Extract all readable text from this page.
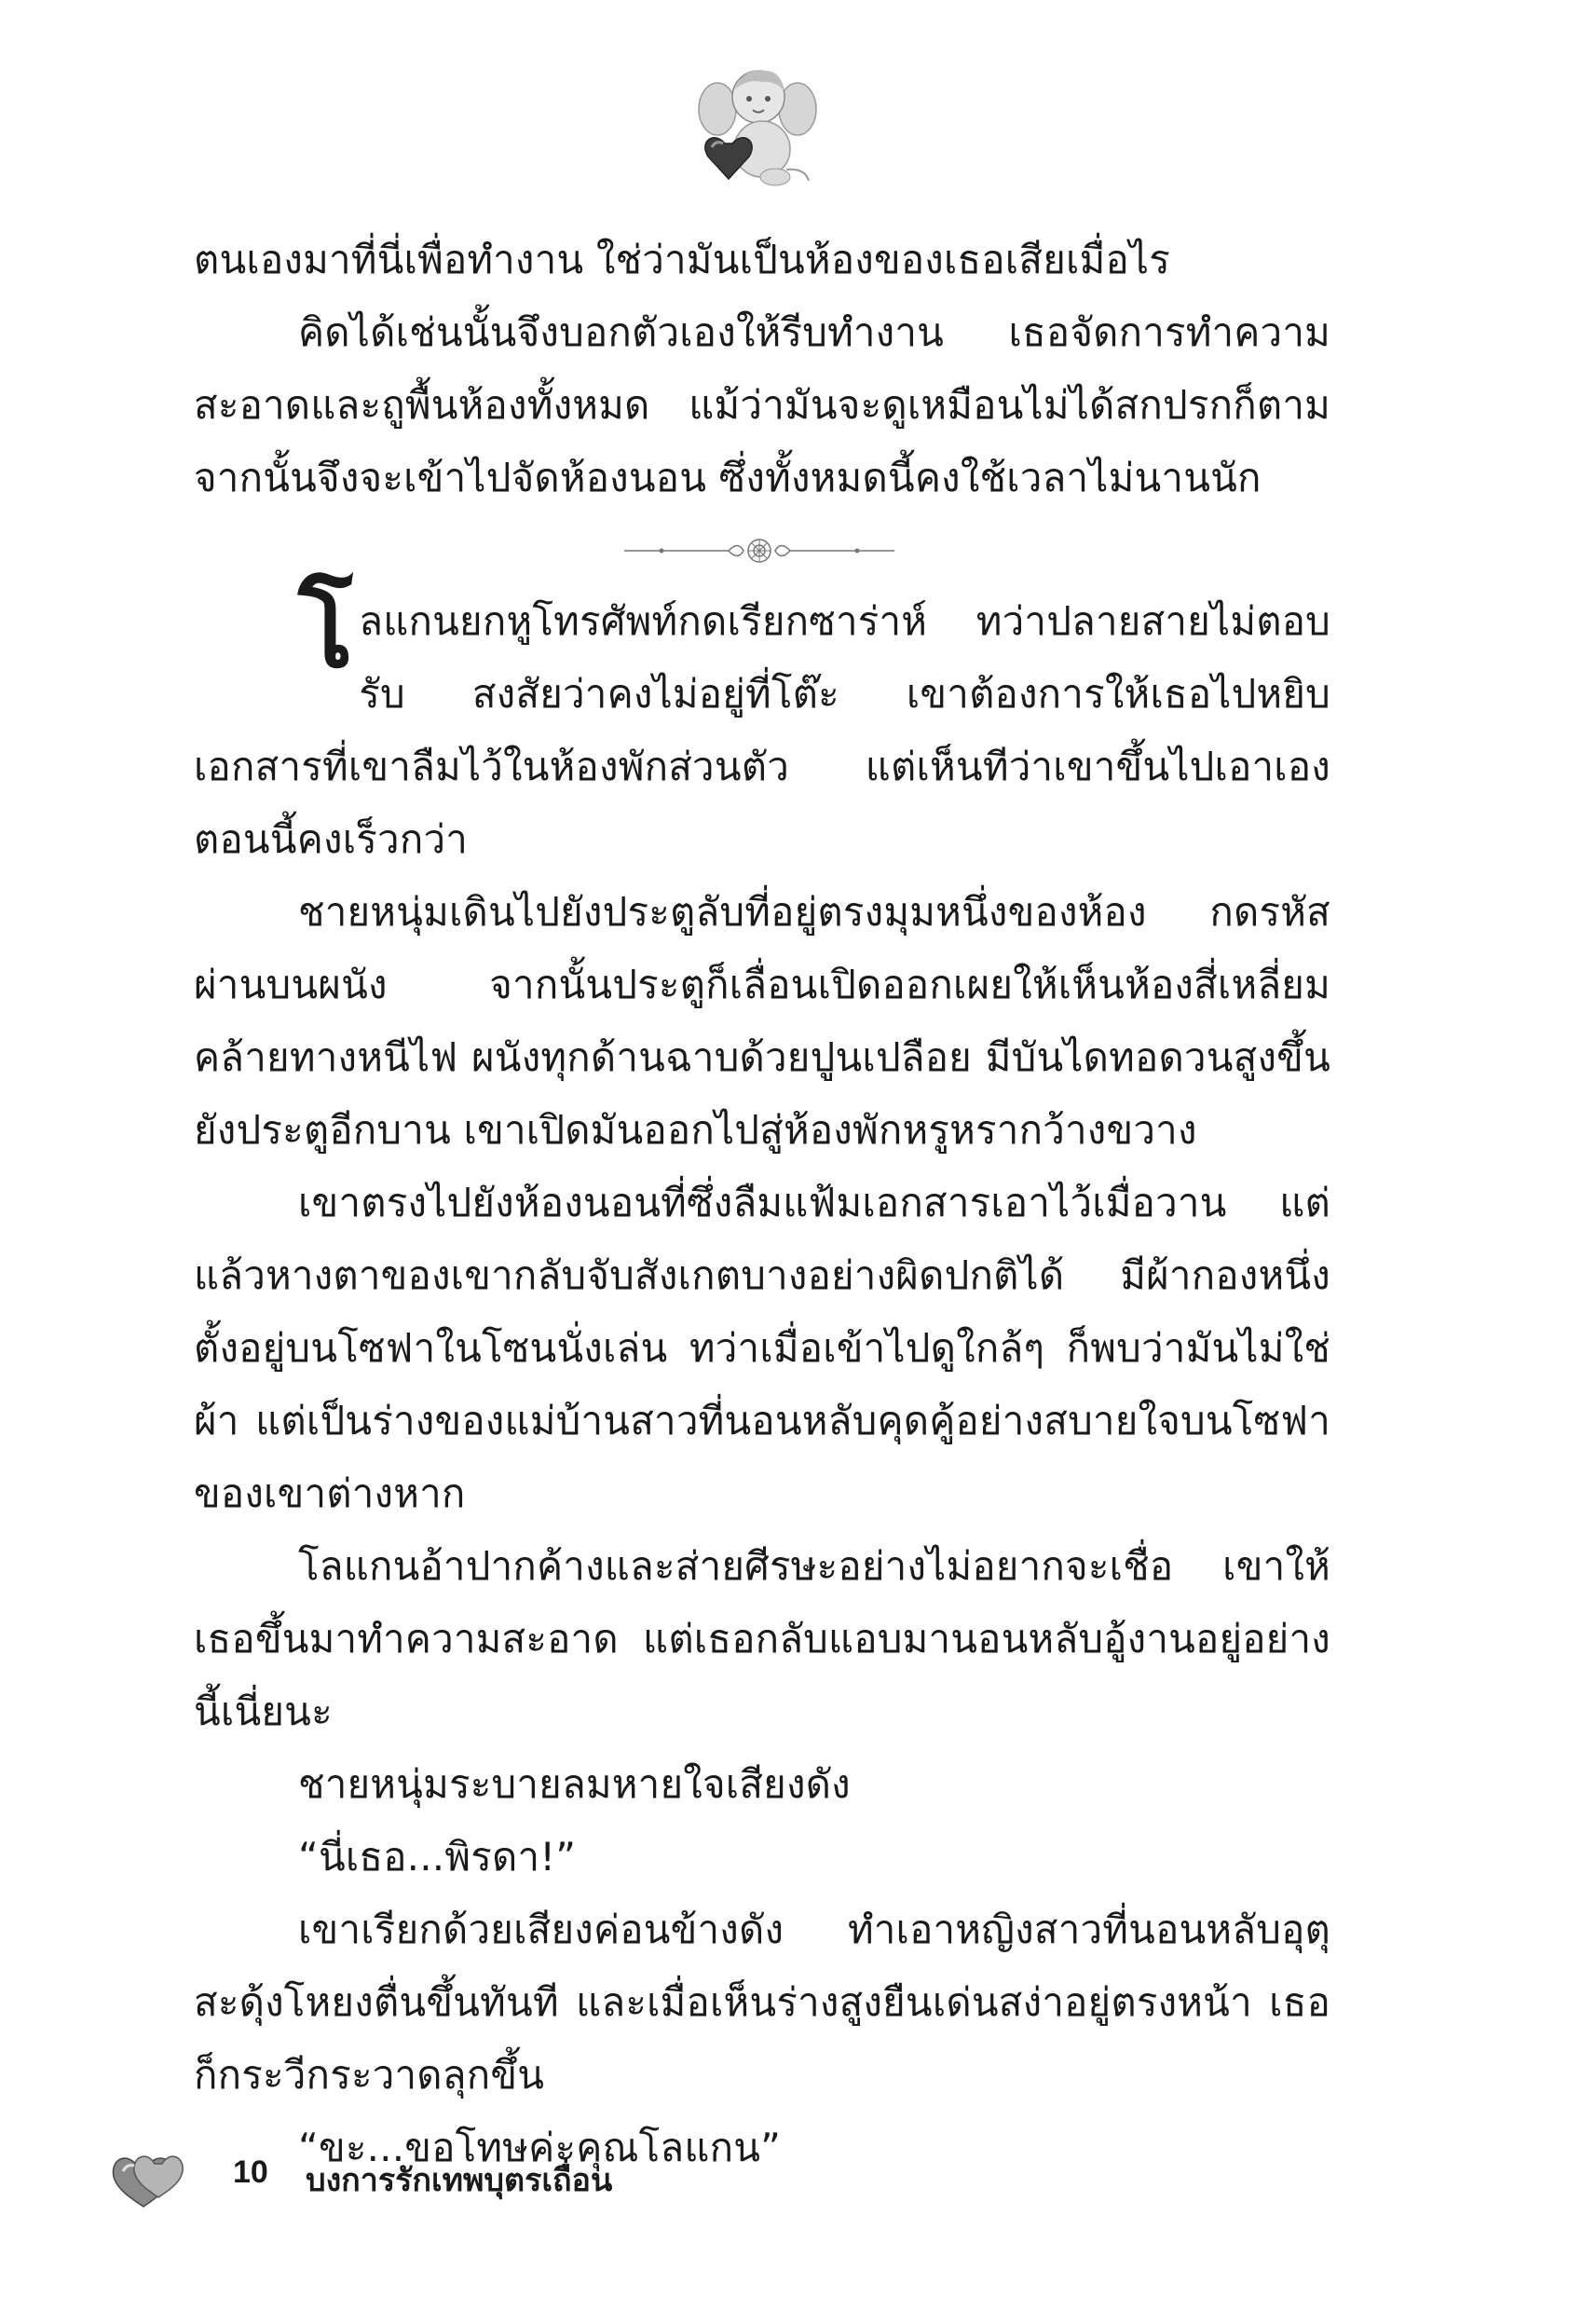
ตนเองมาที่นี่เพื่อทำงาน ใช่ว่ามันเป็นห้องของเธอเสียเมื่อไร

คิดได้เช่นนั้นจึงบอกตัวเองให้รีบทำงาน เธอจัดการทำความสะอาดและถูพื้นห้องทั้งหมด แม้ว่ามันจะดูเหมือนไม่ได้สกปรกก็ตาม จากนั้นจึงจะเข้าไปจัดห้องนอน ซึ่งทั้งหมดนี้คงใช้เวลาไม่นานนัก

โลแกนยกหูโทรศัพท์กดเรียกซาร่าห์ ทว่าปลายสายไม่ตอบรับ สงสัยว่าคงไม่อยู่ที่โต๊ะ เขาต้องการให้เธอไปหยิบเอกสารที่เขาลืมไว้ในห้องพักส่วนตัว แต่เห็นทีว่าเขาขึ้นไปเอาเองตอนนี้คงเร็วกว่า

ชายหนุ่มเดินไปยังประตูลับที่อยู่ตรงมุมหนึ่งของห้อง กดรหัสผ่านบนผนัง จากนั้นประตูก็เลื่อนเปิดออกเผยให้เห็นห้องสี่เหลี่ยมคล้ายทางหนีไฟ ผนังทุกด้านฉาบด้วยปูนเปลือย มีบันไดทอดวนสูงขึ้นยังประตูอีกบาน เขาเปิดมันออกไปสู่ห้องพักหรูหรากว้างขวาง

เขาตรงไปยังห้องนอนที่ซึ่งลืมแฟ้มเอกสารเอาไว้เมื่อวาน แต่แล้วหางตาของเขากลับจับสังเกตบางอย่างผิดปกติได้ มีผ้ากองหนึ่งตั้งอยู่บนโซฟาในโซนนั่งเล่น ทว่าเมื่อเข้าไปดูใกล้ๆ ก็พบว่ามันไม่ใช่ผ้า แต่เป็นร่างของแม่บ้านสาวที่นอนหลับคุดคู้อย่างสบายใจบนโซฟาของเขาต่างหาก

โลแกนอ้าปากค้างและส่ายศีรษะอย่างไม่อยากจะเชื่อ เขาให้เธอขึ้นมาทำความสะอาด แต่เธอกลับแอบมานอนหลับอู้งานอยู่อย่างนี้เนี่ยนะ

ชายหนุ่มระบายลมหายใจเสียงดัง

“นี่เธอ...พิรดา!”

เขาเรียกด้วยเสียงค่อนข้างดัง ทำเอาหญิงสาวที่นอนหลับอุตุสะดุ้งโหยงตื่นขึ้นทันที และเมื่อเห็นร่างสูงยืนเด่นสง่าอยู่ตรงหน้า เธอก็กระวีกระวาดลุกขึ้น

“ขะ...ขอโทษค่ะคุณโลแกน”

10 บงการรักเทพบุตรเถื่อน
